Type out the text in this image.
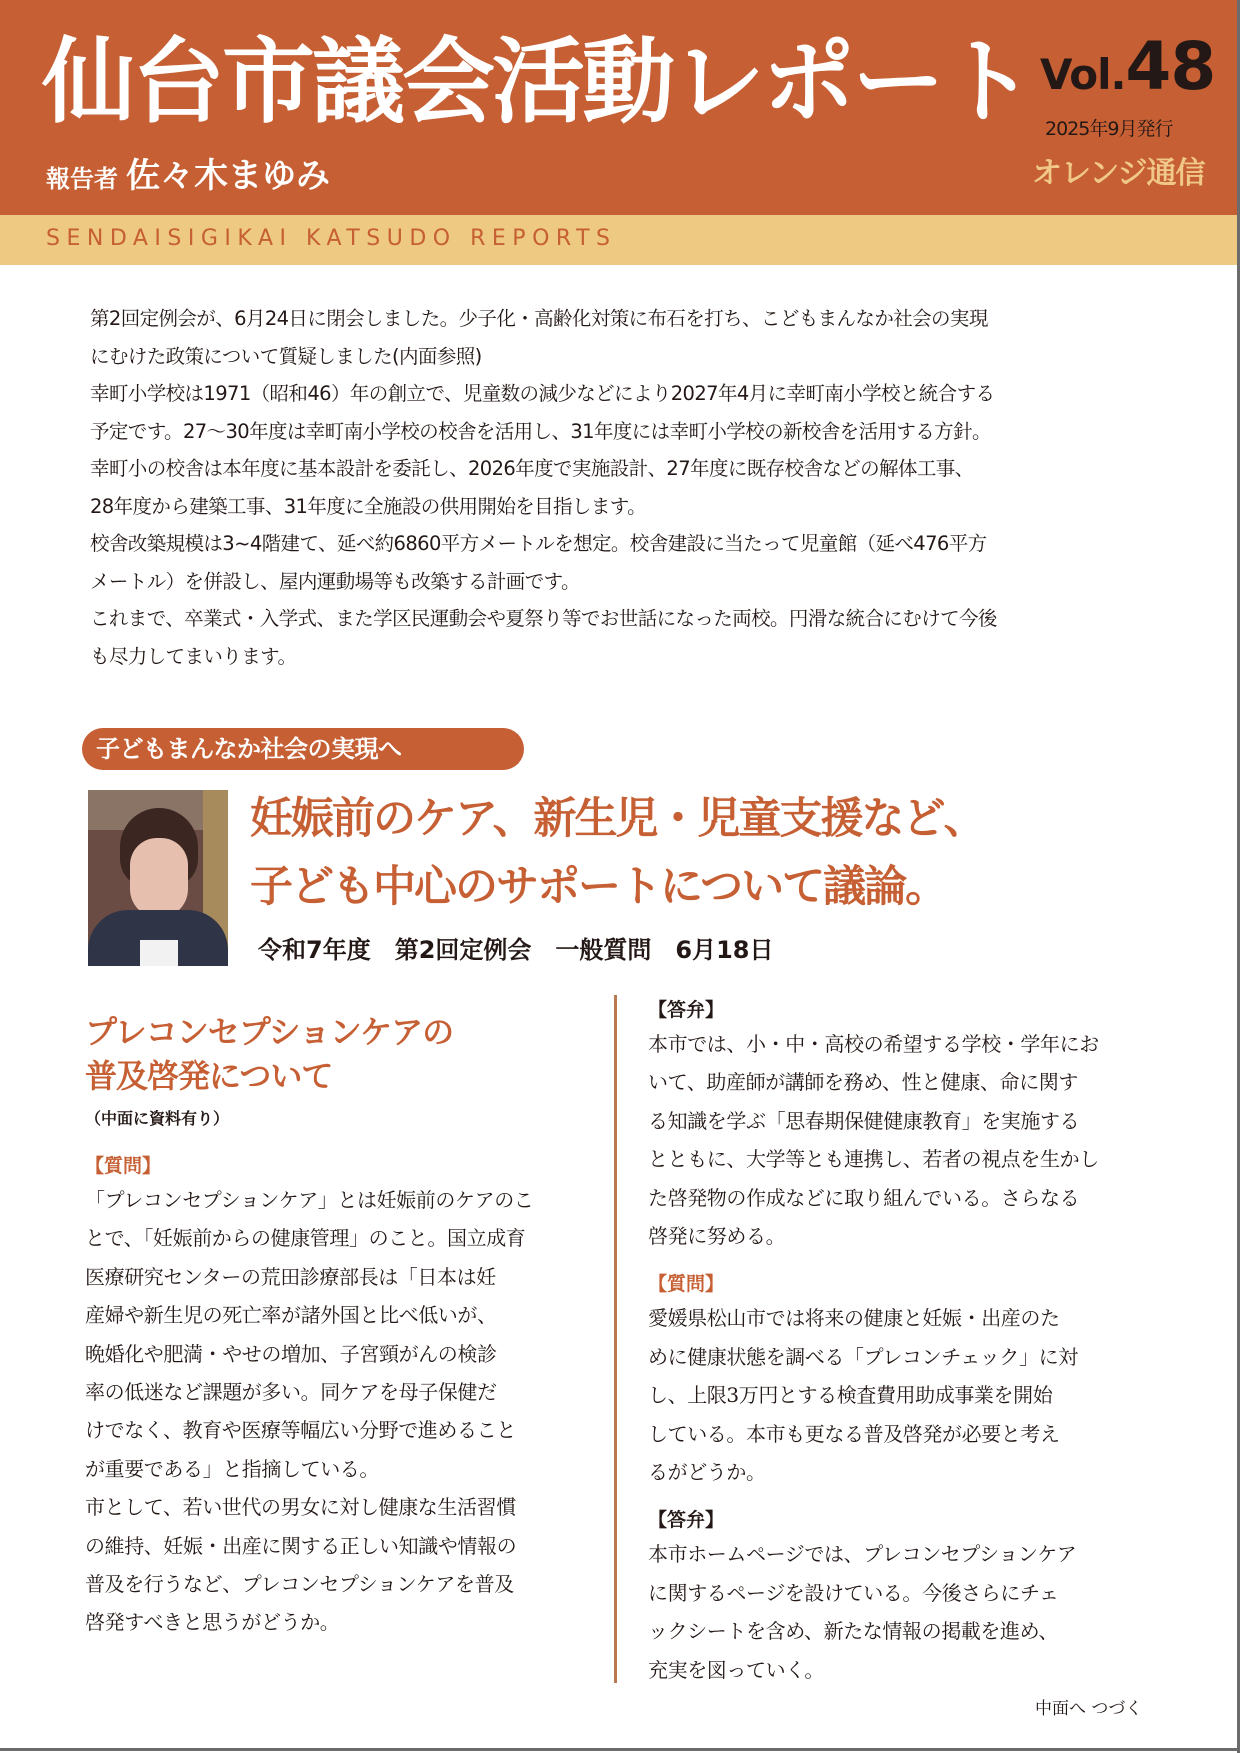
仙台市議会活動レポート
報告者 佐々木まゆみ
Vol.48
2025年9月発行
オレンジ通信
SENDAISIGIKAI KATSUDO REPORTS

第2回定例会が、6月24日に閉会しました。少子化・高齢化対策に布石を打ち、こどもまんなか社会の実現

にむけた政策について質疑しました(内面参照)

幸町小学校は1971（昭和46）年の創立で、児童数の減少などにより2027年4月に幸町南小学校と統合する

予定です。27〜30年度は幸町南小学校の校舎を活用し、31年度には幸町小学校の新校舎を活用する方針。

幸町小の校舎は本年度に基本設計を委託し、2026年度で実施設計、27年度に既存校舎などの解体工事、

28年度から建築工事、31年度に全施設の供用開始を目指します。

校舎改築規模は3~4階建て、延べ約6860平方メートルを想定。校舎建設に当たって児童館（延べ476平方

メートル）を併設し、屋内運動場等も改築する計画です。

これまで、卒業式・入学式、また学区民運動会や夏祭り等でお世話になった両校。円滑な統合にむけて今後

も尽力してまいります。

子どもまんなか社会の実現へ
妊娠前のケア、新生児・児童支援など、
子ども中心のサポートについて議論。
令和7年度　第2回定例会　一般質問　6月18日
プレコンセプションケアの
普及啓発について
（中面に資料有り）
【質問】

「プレコンセプションケア」とは妊娠前のケアのこ

とで、「妊娠前からの健康管理」のこと。国立成育

医療研究センターの荒田診療部長は「日本は妊

産婦や新生児の死亡率が諸外国と比べ低いが、

晩婚化や肥満・やせの増加、子宮頸がんの検診

率の低迷など課題が多い。同ケアを母子保健だ

けでなく、教育や医療等幅広い分野で進めること

が重要である」と指摘している。

市として、若い世代の男女に対し健康な生活習慣

の維持、妊娠・出産に関する正しい知識や情報の

普及を行うなど、プレコンセプションケアを普及

啓発すべきと思うがどうか。

【答弁】

本市では、小・中・高校の希望する学校・学年にお

いて、助産師が講師を務め、性と健康、命に関す

る知識を学ぶ「思春期保健健康教育」を実施する

とともに、大学等とも連携し、若者の視点を生かし

た啓発物の作成などに取り組んでいる。さらなる

啓発に努める。

【質問】

愛媛県松山市では将来の健康と妊娠・出産のた

めに健康状態を調べる「プレコンチェック」に対

し、上限3万円とする検査費用助成事業を開始

している。本市も更なる普及啓発が必要と考え

るがどうか。

【答弁】

本市ホームページでは、プレコンセプションケア

に関するページを設けている。今後さらにチェ

ックシートを含め、新たな情報の掲載を進め、

充実を図っていく。

中面へ つづく
